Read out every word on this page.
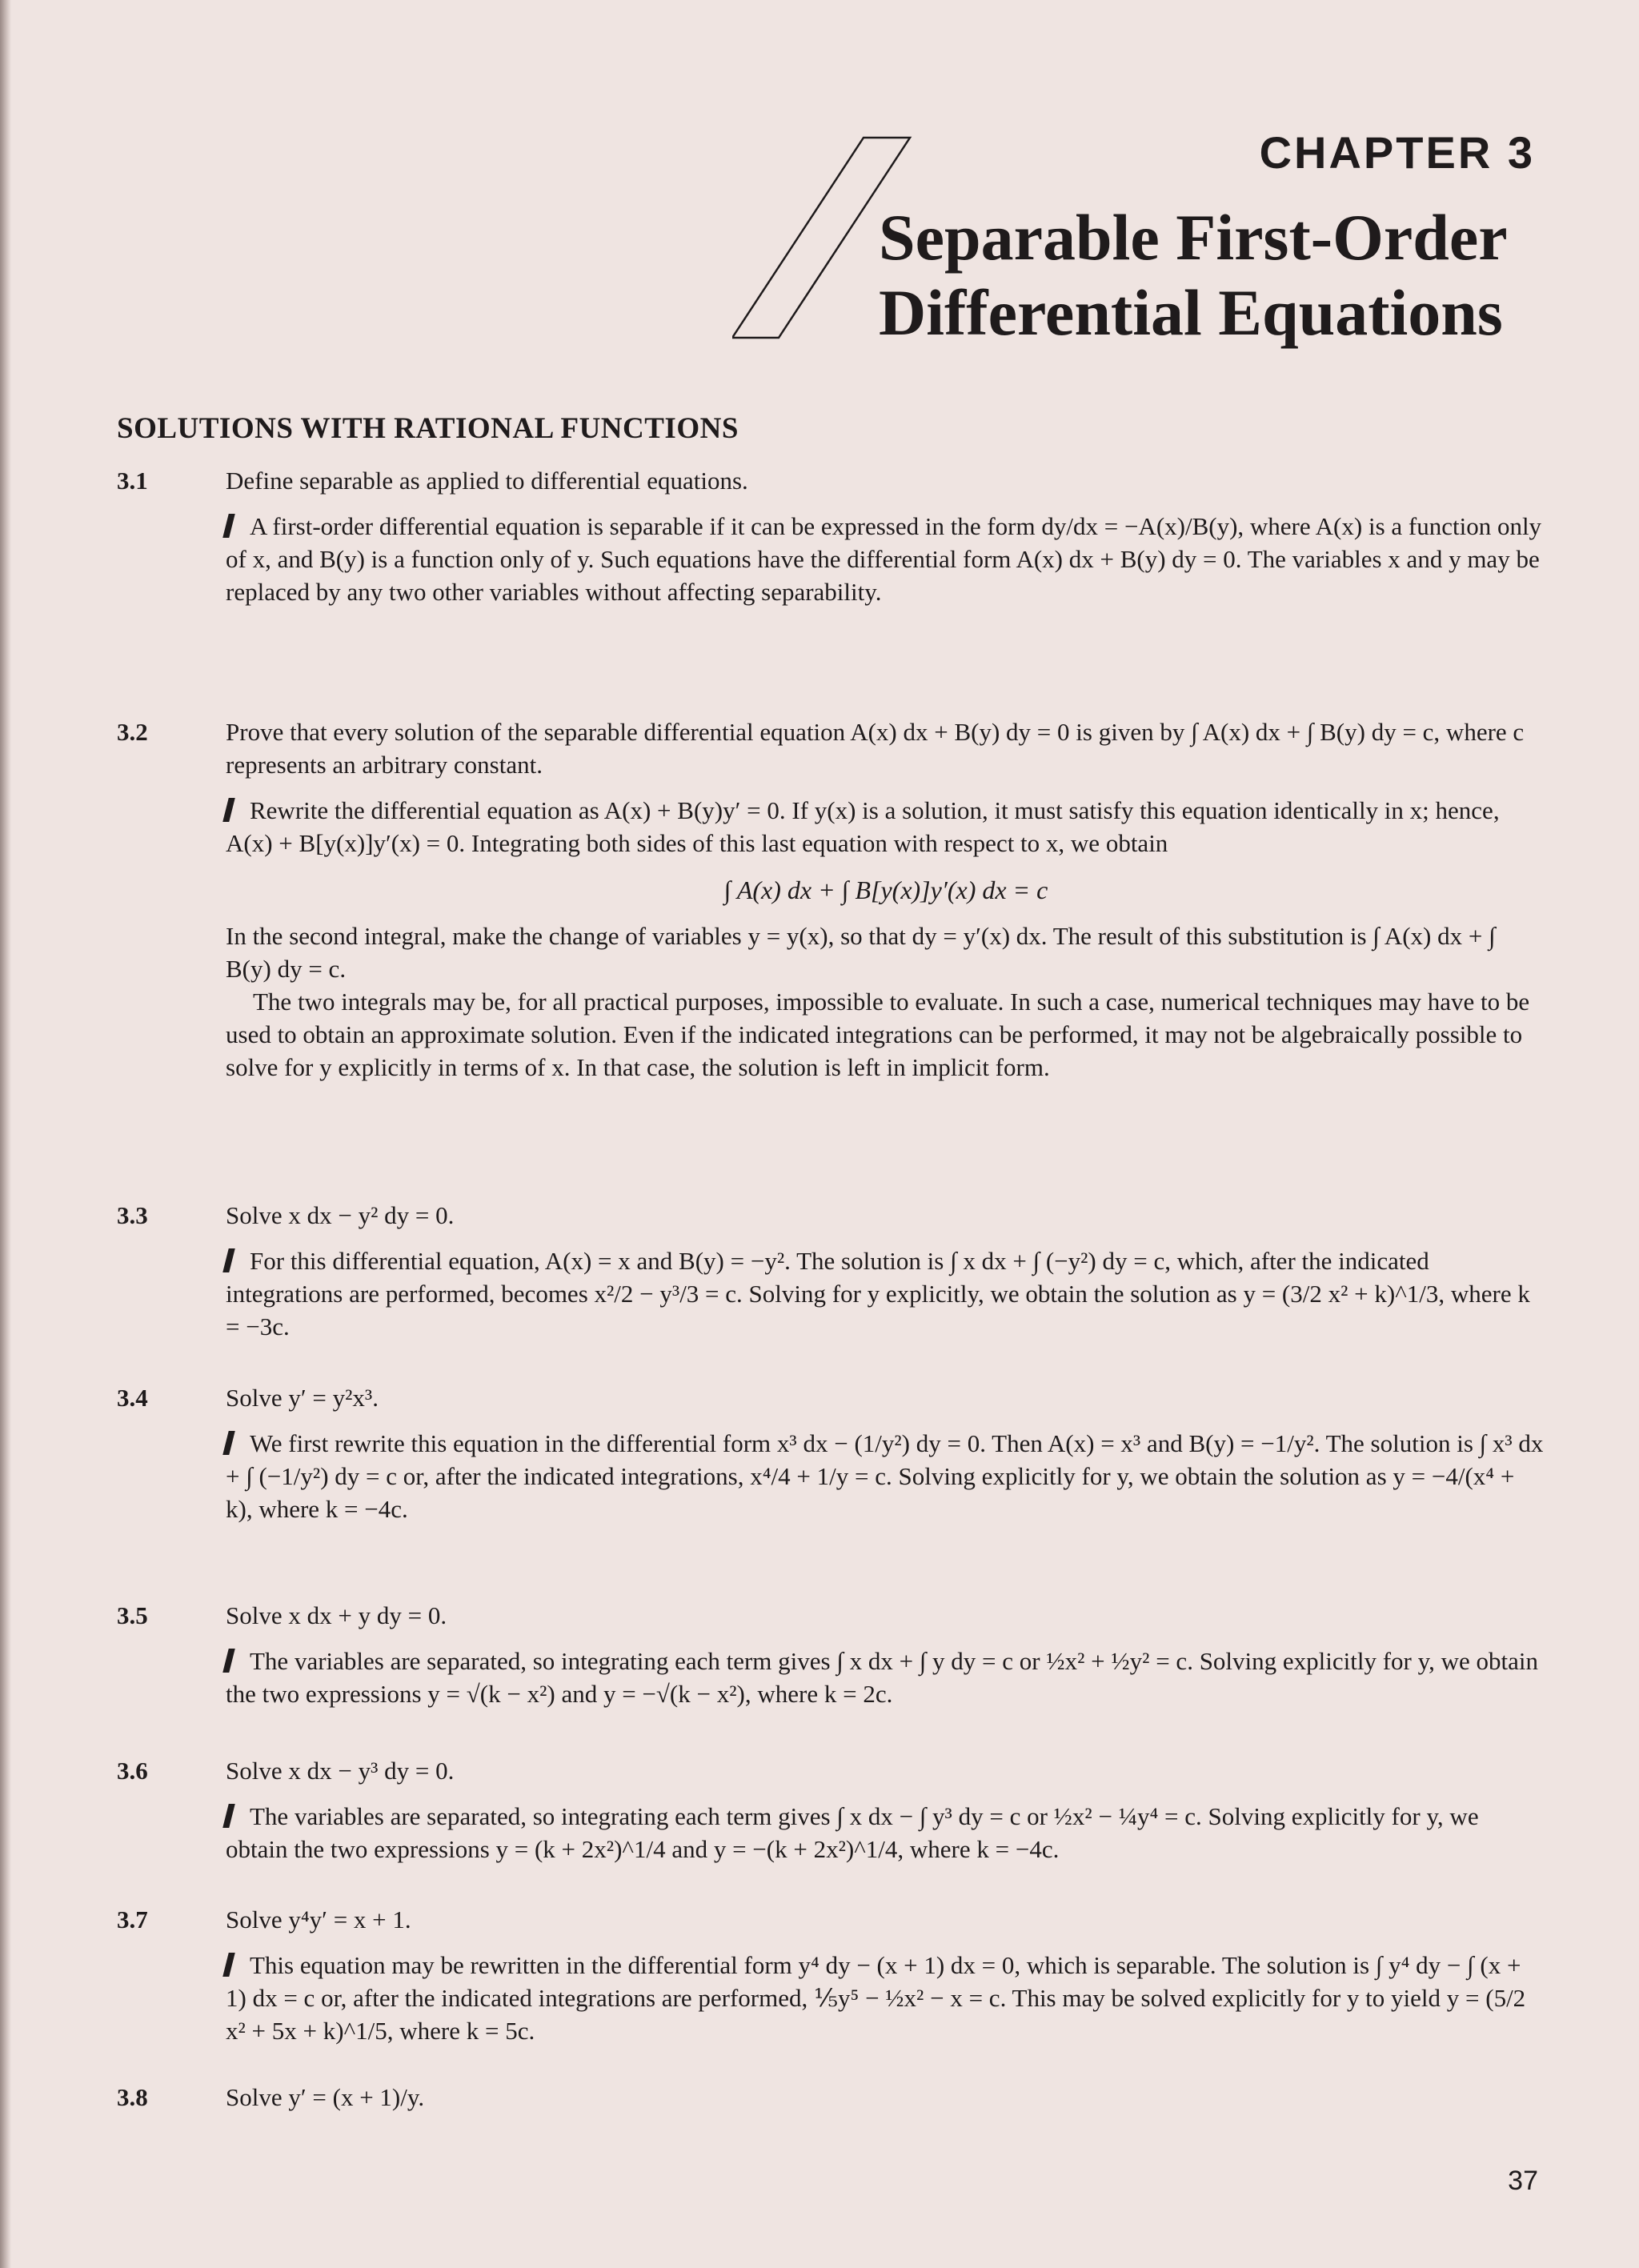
CHAPTER 3
Separable First-Order
Differential Equations
SOLUTIONS WITH RATIONAL FUNCTIONS
3.1	Define separable as applied to differential equations.

A first-order differential equation is separable if it can be expressed in the form dy/dx = −A(x)/B(y), where A(x) is a function only of x, and B(y) is a function only of y. Such equations have the differential form A(x) dx + B(y) dy = 0. The variables x and y may be replaced by any two other variables without affecting separability.

3.2	Prove that every solution of the separable differential equation A(x) dx + B(y) dy = 0 is given by ∫ A(x) dx + ∫ B(y) dy = c, where c represents an arbitrary constant.

Rewrite the differential equation as A(x) + B(y)y′ = 0. If y(x) is a solution, it must satisfy this equation identically in x; hence, A(x) + B[y(x)]y′(x) = 0. Integrating both sides of this last equation with respect to x, we obtain

∫ A(x) dx + ∫ B[y(x)]y′(x) dx = c

In the second integral, make the change of variables y = y(x), so that dy = y′(x) dx. The result of this substitution is ∫ A(x) dx + ∫ B(y) dy = c.

The two integrals may be, for all practical purposes, impossible to evaluate. In such a case, numerical techniques may have to be used to obtain an approximate solution. Even if the indicated integrations can be performed, it may not be algebraically possible to solve for y explicitly in terms of x. In that case, the solution is left in implicit form.

3.3	Solve x dx − y² dy = 0.

For this differential equation, A(x) = x and B(y) = −y². The solution is ∫ x dx + ∫ (−y²) dy = c, which, after the indicated integrations are performed, becomes x²/2 − y³/3 = c. Solving for y explicitly, we obtain the solution as y = (3/2 x² + k)^1/3, where k = −3c.

3.4	Solve y′ = y²x³.

We first rewrite this equation in the differential form x³ dx − (1/y²) dy = 0. Then A(x) = x³ and B(y) = −1/y². The solution is ∫ x³ dx + ∫ (−1/y²) dy = c or, after the indicated integrations, x⁴/4 + 1/y = c. Solving explicitly for y, we obtain the solution as y = −4/(x⁴ + k), where k = −4c.

3.5	Solve x dx + y dy = 0.

The variables are separated, so integrating each term gives ∫ x dx + ∫ y dy = c or ½x² + ½y² = c. Solving explicitly for y, we obtain the two expressions y = √(k − x²) and y = −√(k − x²), where k = 2c.

3.6	Solve x dx − y³ dy = 0.

The variables are separated, so integrating each term gives ∫ x dx − ∫ y³ dy = c or ½x² − ¼y⁴ = c. Solving explicitly for y, we obtain the two expressions y = (k + 2x²)^1/4 and y = −(k + 2x²)^1/4, where k = −4c.

3.7	Solve y⁴y′ = x + 1.

This equation may be rewritten in the differential form y⁴ dy − (x + 1) dx = 0, which is separable. The solution is ∫ y⁴ dy − ∫ (x + 1) dx = c or, after the indicated integrations are performed, ⅕y⁵ − ½x² − x = c. This may be solved explicitly for y to yield y = (5/2 x² + 5x + k)^1/5, where k = 5c.

3.8	Solve y′ = (x + 1)/y.

37
